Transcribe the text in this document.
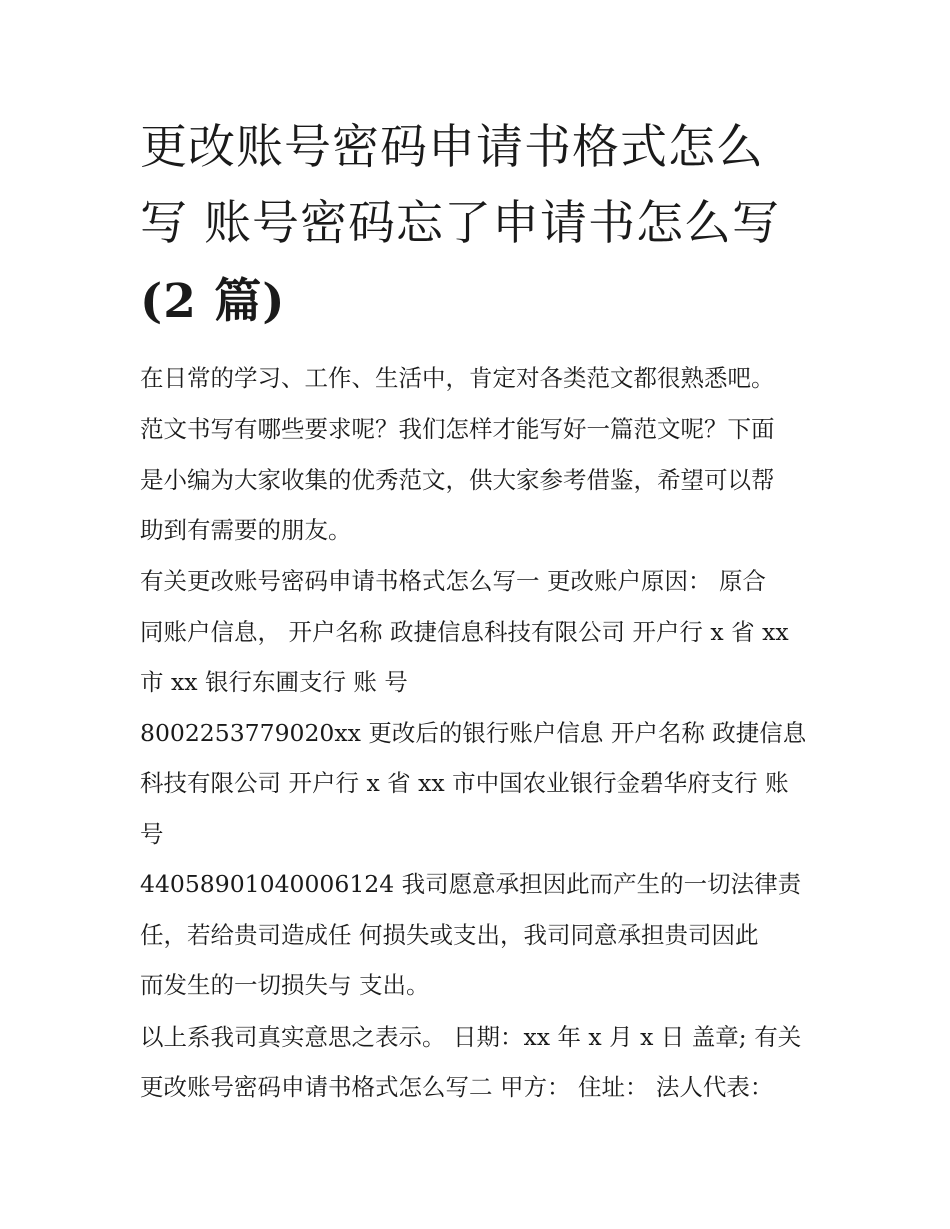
更改账号密码申请书格式怎么
写 账号密码忘了申请书怎么写
(2 篇)
在日常的学习、工作、生活中，肯定对各类范文都很熟悉吧。
范文书写有哪些要求呢？我们怎样才能写好一篇范文呢？下面
是小编为大家收集的优秀范文，供大家参考借鉴，希望可以帮
助到有需要的朋友。
有关更改账号密码申请书格式怎么写一 更改账户原因： 原合
同账户信息， 开户名称 政捷信息科技有限公司 开户行 x 省 xx
市 xx 银行东圃支行 账 号
8002253779020xx 更改后的银行账户信息 开户名称 政捷信息
科技有限公司 开户行 x 省 xx 市中国农业银行金碧华府支行 账
号
44058901040006124 我司愿意承担因此而产生的一切法律责
任，若给贵司造成任 何损失或支出，我司同意承担贵司因此
而发生的一切损失与 支出。
以上系我司真实意思之表示。 日期：xx 年 x 月 x 日 盖章; 有关
更改账号密码申请书格式怎么写二 甲方： 住址： 法人代表：
